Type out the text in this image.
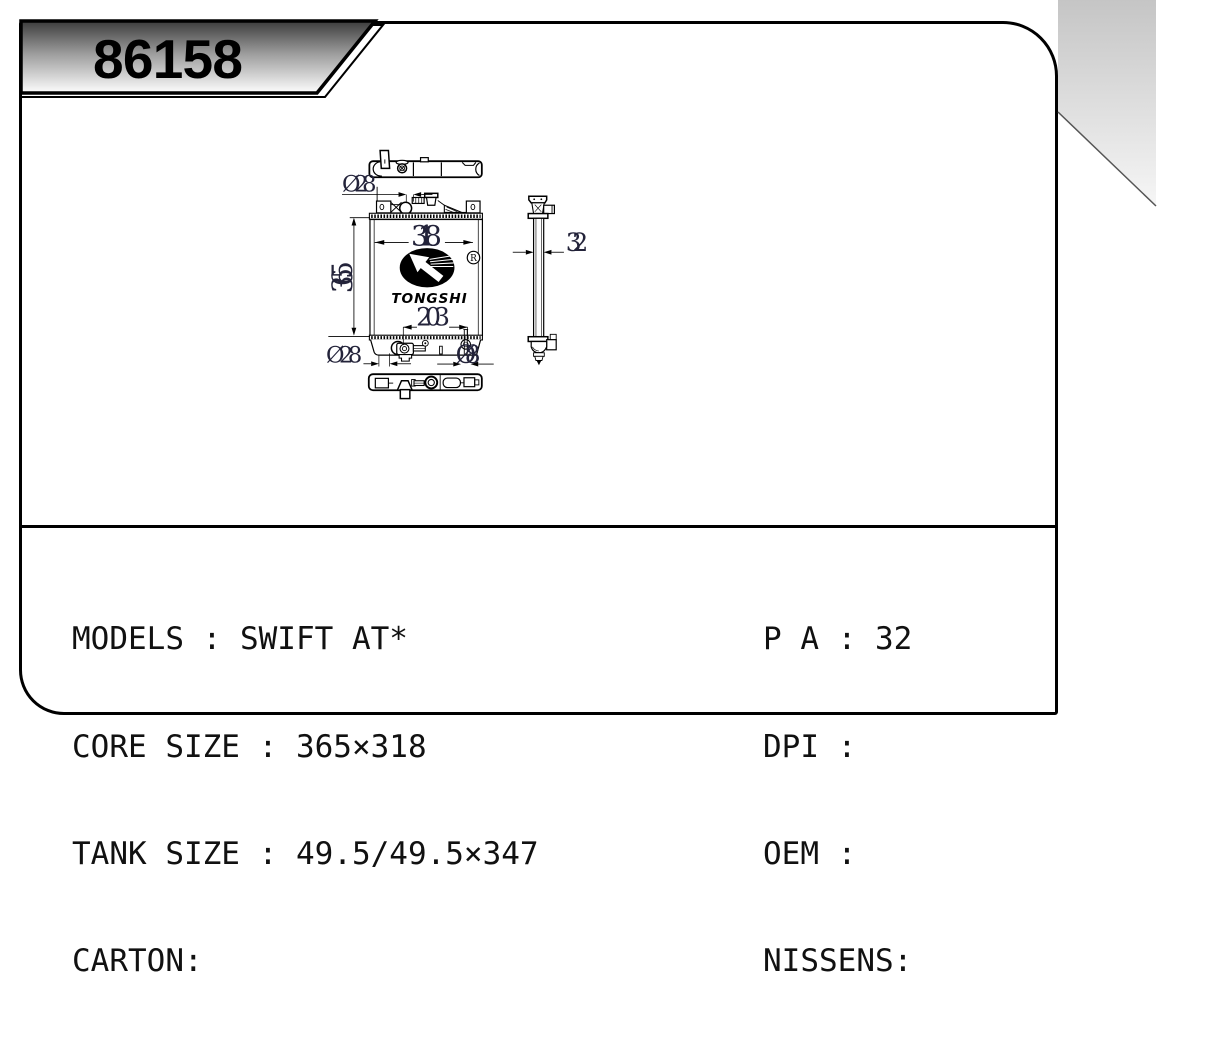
86158
R
TONGSHI
318
365
Ø28
203
Ø28 Ø8
32

MODELS : SWIFT AT*

CORE SIZE : 365×318

TANK SIZE : 49.5/49.5×347

CARTON:

P A : 32

DPI :

OEM :

NISSENS:
